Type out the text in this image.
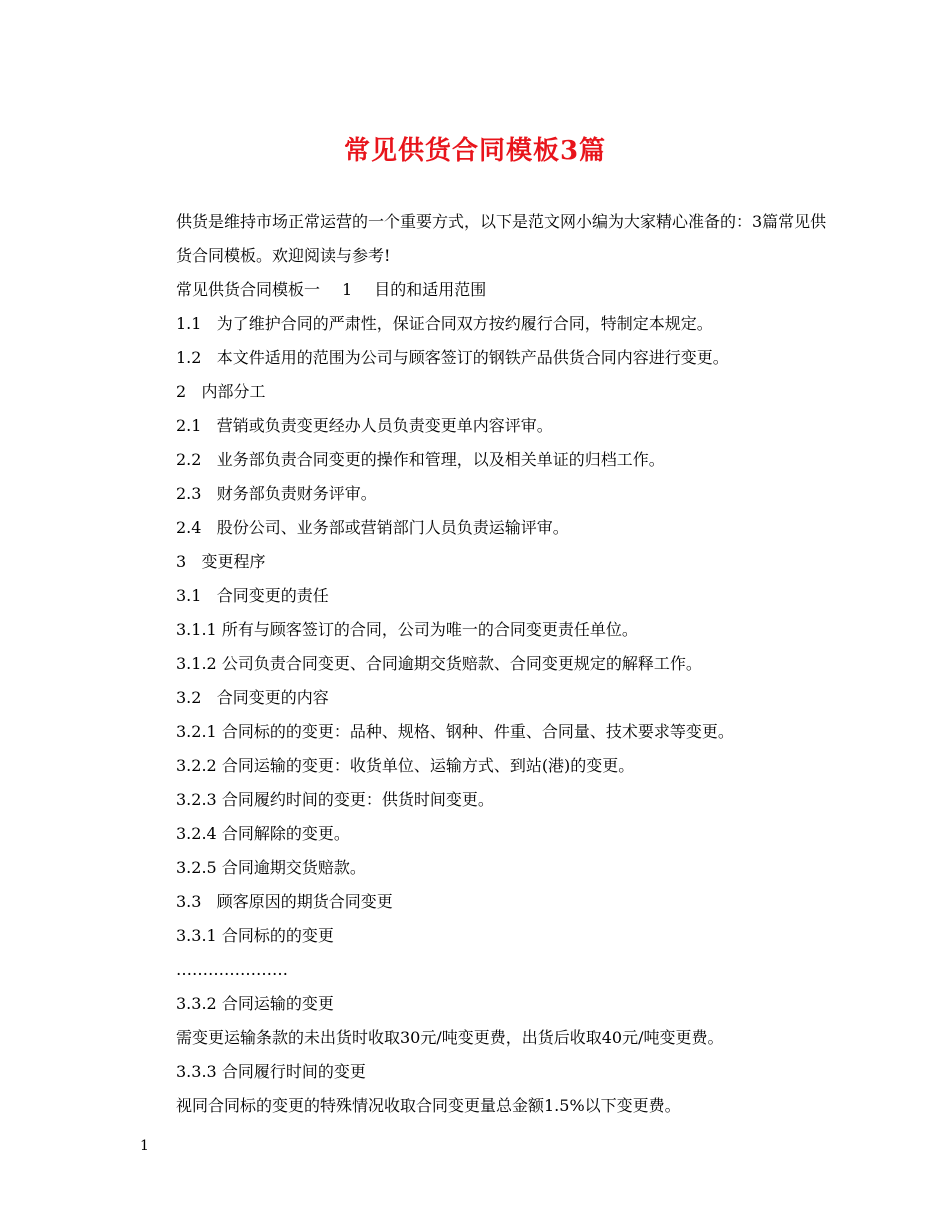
常见供货合同模板3篇

供货是维持市场正常运营的一个重要方式，以下是范文网小编为大家精心准备的：3篇常见供货合同模板。欢迎阅读与参考!

常见供货合同模板一 1 目的和适用范围

1.1 为了维护合同的严肃性，保证合同双方按约履行合同，特制定本规定。

1.2 本文件适用的范围为公司与顾客签订的钢铁产品供货合同内容进行变更。

2 内部分工

2.1 营销或负责变更经办人员负责变更单内容评审。

2.2 业务部负责合同变更的操作和管理，以及相关单证的归档工作。

2.3 财务部负责财务评审。

2.4 股份公司、业务部或营销部门人员负责运输评审。

3 变更程序

3.1 合同变更的责任

3.1.1 所有与顾客签订的合同，公司为唯一的合同变更责任单位。

3.1.2 公司负责合同变更、合同逾期交货赔款、合同变更规定的解释工作。

3.2 合同变更的内容

3.2.1 合同标的的变更：品种、规格、钢种、件重、合同量、技术要求等变更。

3.2.2 合同运输的变更：收货单位、运输方式、到站(港)的变更。

3.2.3 合同履约时间的变更：供货时间变更。

3.2.4 合同解除的变更。

3.2.5 合同逾期交货赔款。

3.3 顾客原因的期货合同变更

3.3.1 合同标的的变更

…………………

3.3.2 合同运输的变更

需变更运输条款的未出货时收取30元/吨变更费，出货后收取40元/吨变更费。

3.3.3 合同履行时间的变更

视同合同标的变更的特殊情况收取合同变更量总金额1.5%以下变更费。

1
